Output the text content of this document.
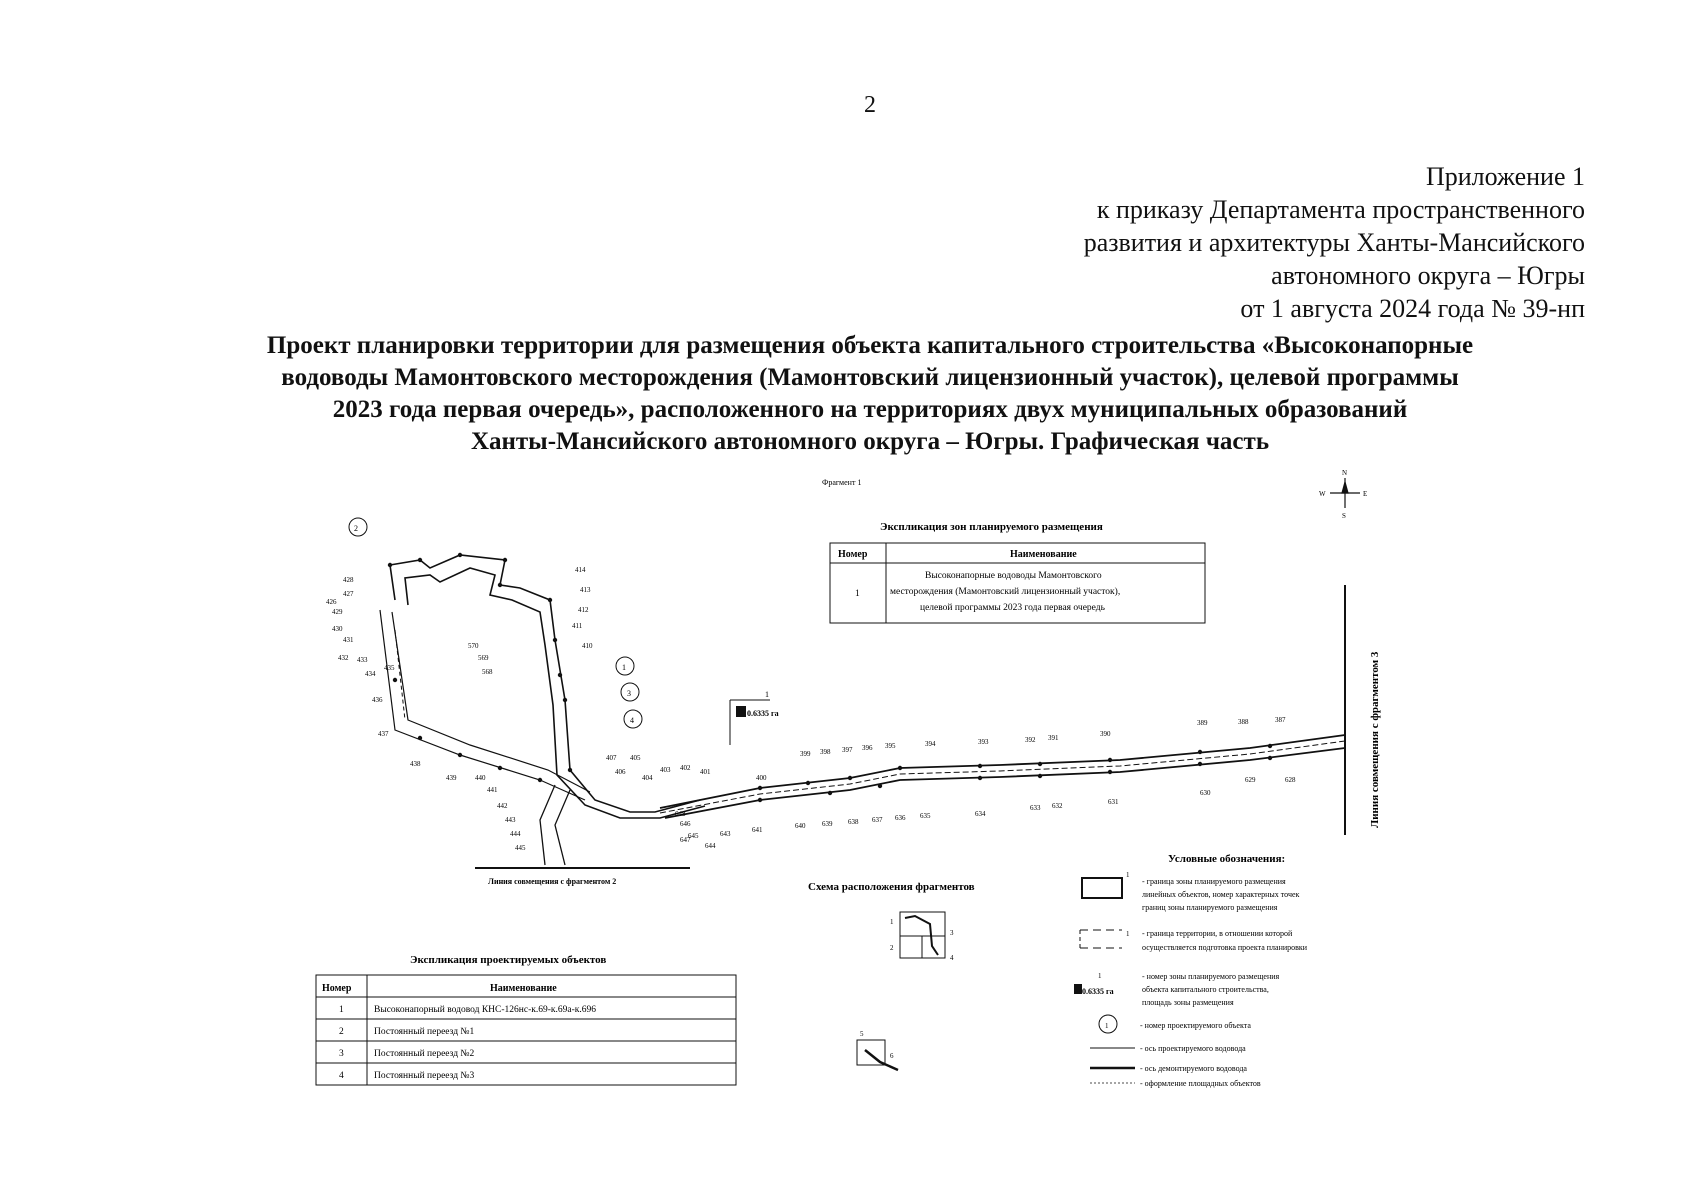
2
Приложение 1
к приказу Департамента пространственного
развития и архитектуры Ханты-Мансийского
автономного округа – Югры
от 1 августа 2024 года № 39-нп
Проект планировки территории для размещения объекта капитального строительства «Высоконапорные
водоводы Мамонтовского месторождения (Мамонтовский лицензионный участок), целевой программы
2023 года первая очередь», расположенного на территориях двух муниципальных образований
Ханты-Мансийского автономного округа – Югры. Графическая часть
Фрагмент 1
N
S
W	E
Экспликация зон планируемого размещения
Номер	Наименование
1
Высоконапорные водоводы Мамонтовского
месторождения (Мамонтовский лицензионный участок),
целевой программы 2023 года первая очередь
400
399 398 397 396 395	394	393	392 391	390
389	388	387
641	640 639 638 637 636 635	634
633 632	631
630
629	628
428
427
426
429
430
431
432 433
434
435
436
437
438
439	440
441
442
443
444
445
414
413
412
411
410
570
569
568
407
406
405
404
403 402 401
643
644
645
646
647
648
2
1
3
4
1
0.6335 га	Линия совмещения с фрагментом 3
Линия совмещения с фрагментом 2	Схема расположения фрагментов
1
2
3
4
5
6
Экспликация проектируемых объектов
Номер	Наименование
1	Высоконапорный водовод КНС-126нс-к.69-к.69а-к.696
2	Постоянный переезд №1
3	Постоянный переезд №2
4	Постоянный переезд №3
Условные обозначения:
1
- граница зоны планируемого размещения
линейных объектов, номер характерных точек
границ зоны планируемого размещения
1 - граница территории, в отношении которой
осуществляется подготовка проекта планировки
1
0.6335 га
- номер зоны планируемого размещения
объекта капитального строительства,
площадь зоны размещения
1	- номер проектируемого объекта
- ось проектируемого водовода
- ось демонтируемого водовода
- оформление площадных объектов
